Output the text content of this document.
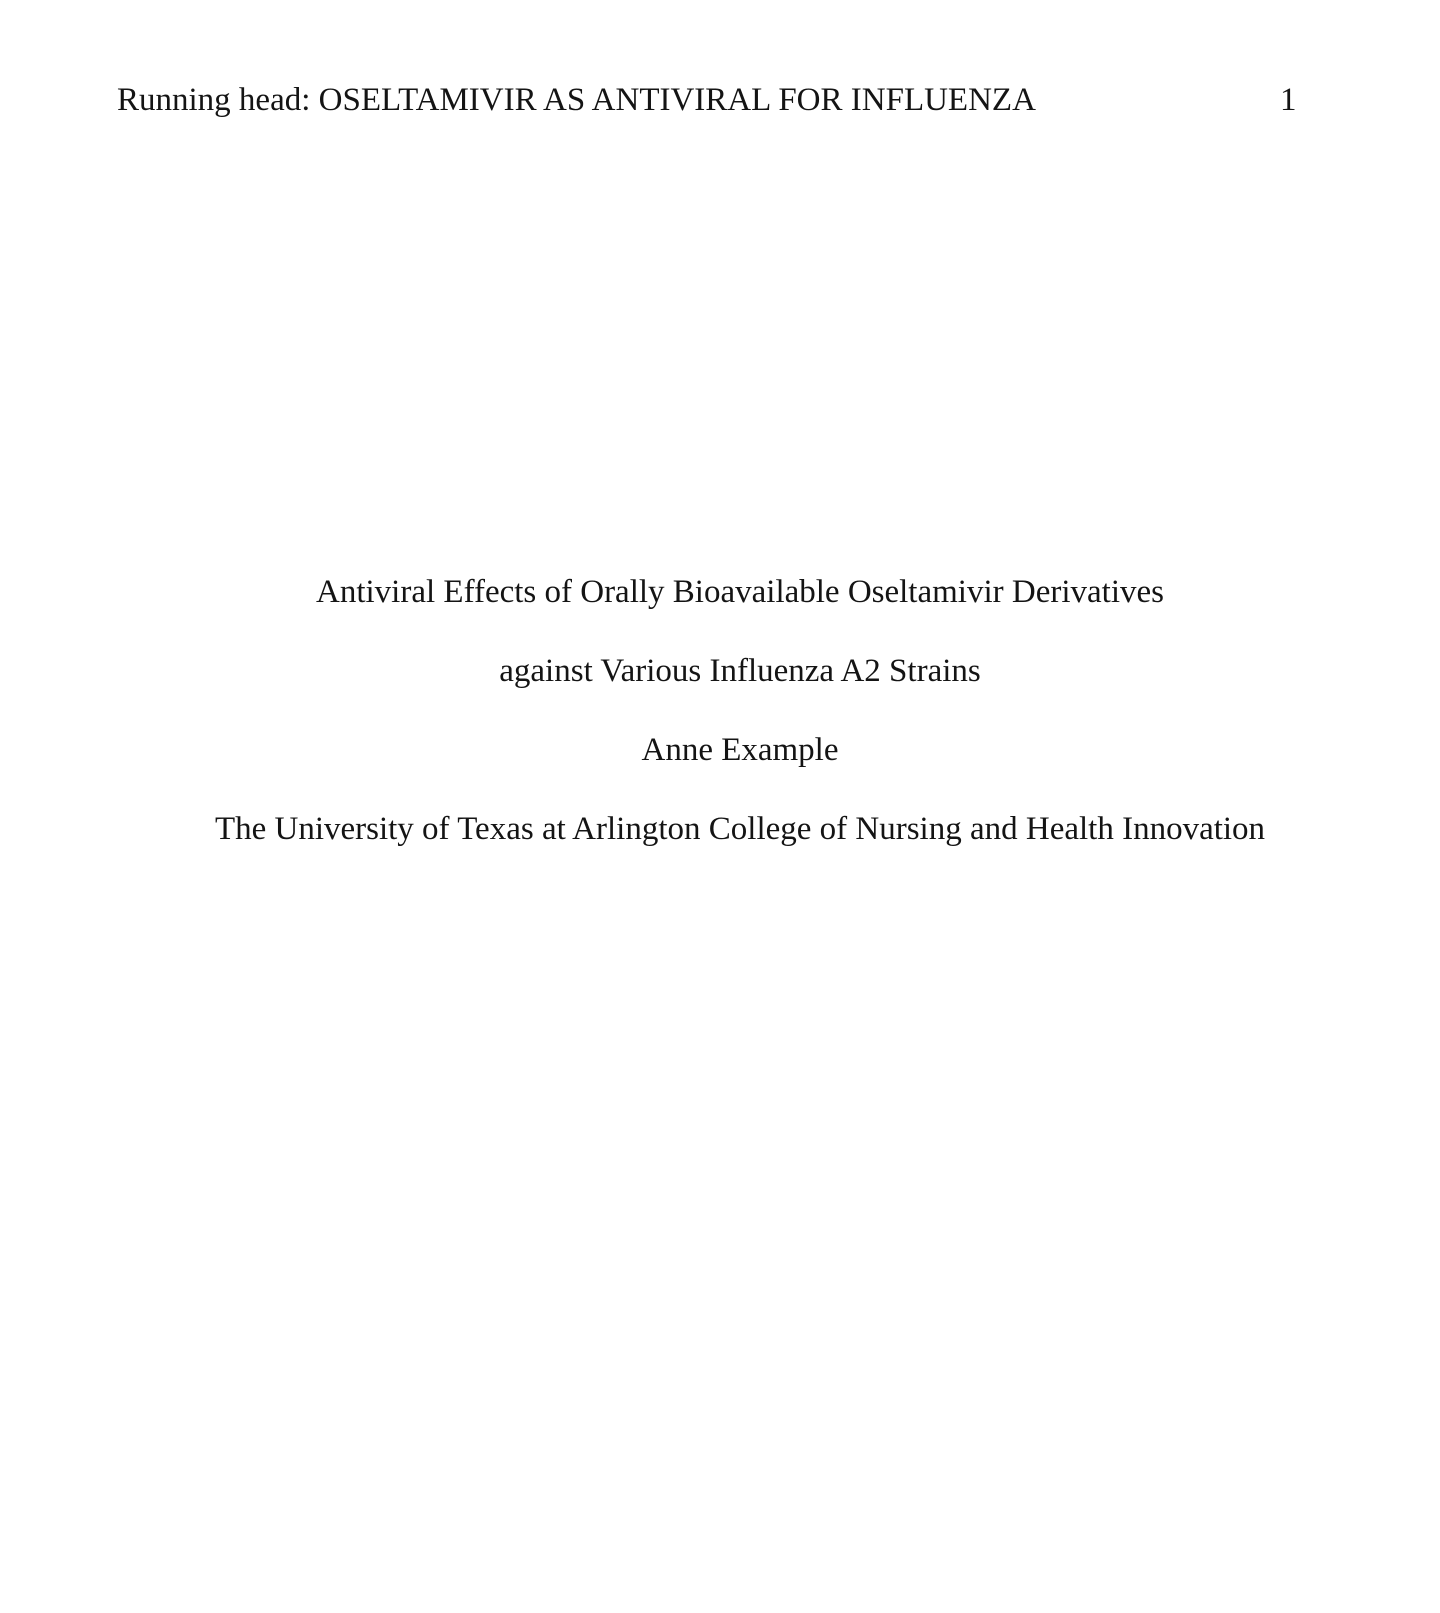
Running head: OSELTAMIVIR AS ANTIVIRAL FOR INFLUENZA	1
Antiviral Effects of Orally Bioavailable Oseltamivir Derivatives
against Various Influenza A2 Strains
Anne Example
The University of Texas at Arlington College of Nursing and Health Innovation
